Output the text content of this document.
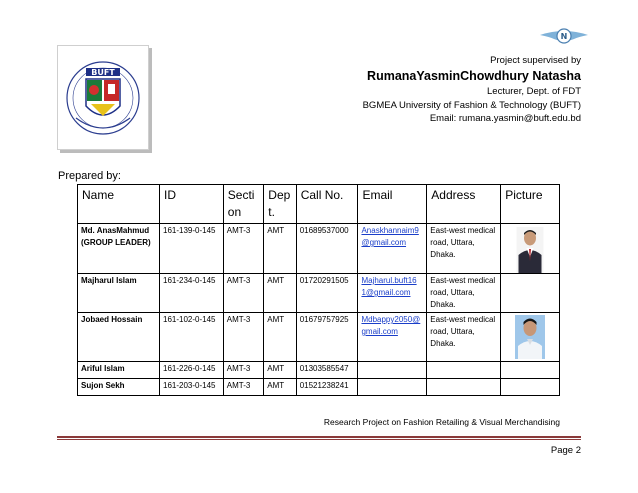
BUFT
N
Project supervised by
RumanaYasminChowdhury Natasha
Lecturer, Dept. of FDT
BGMEA University of Fashion & Technology (BUFT)
Email: rumana.yasmin@buft.edu.bd
Prepared by:
Name	ID	Secti on	Dep t.	Call No.	Email	Address	Picture
Md. AnasMahmud (GROUP LEADER)	161-139-0-145	AMT-3	AMT	01689537000	Anaskhannaim9 @gmail.com	East-west medical road, Uttara, Dhaka.	

Majharul Islam	161-234-0-145	AMT-3	AMT	01720291505	Majharul.buft16 1@gmail.com	East-west medical road, Uttara, Dhaka.	
Jobaed Hossain	161-102-0-145	AMT-3	AMT	01679757925	Mdbappy2050@ gmail.com	East-west medical road, Uttara, Dhaka.	

Ariful Islam	161-226-0-145	AMT-3	AMT	01303585547			
Sujon Sekh	161-203-0-145	AMT-3	AMT	01521238241			
Research Project on Fashion Retailing & Visual Merchandising
Page 2
